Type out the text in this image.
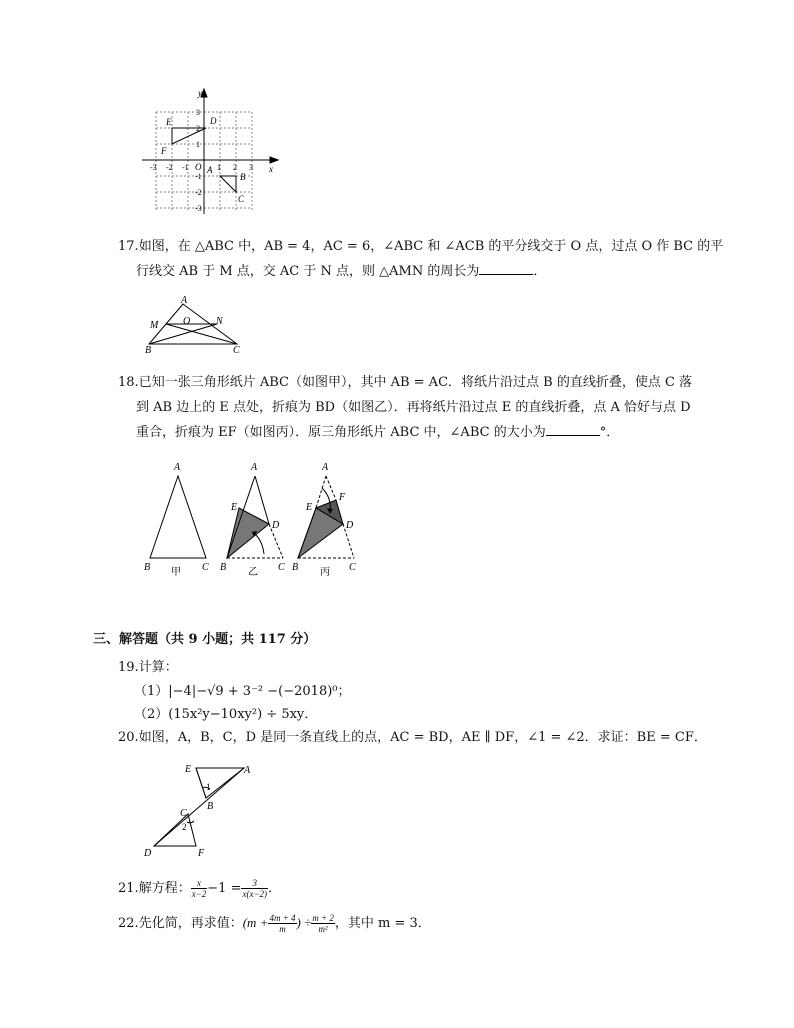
y
x
O
-3 -2 -1	1 2 3
3
2
1
-1
-2
-3
E	D
F
A
B
C
17.如图，在 △ABC 中，AB = 4，AC = 6，∠ABC 和 ∠ACB 的平分线交于 O 点，过点 O 作 BC 的平
行线交 AB 于 M 点，交 AC 于 N 点，则 △AMN 的周长为	．
A
M O	N
B	C
18.已知一张三角形纸片 ABC（如图甲），其中 AB = AC．将纸片沿过点 B 的直线折叠，使点 C 落
到 AB 边上的 E 点处，折痕为 BD（如图乙）．再将纸片沿过点 E 的直线折叠，点 A 恰好与点 D
重合，折痕为 EF（如图丙）．原三角形纸片 ABC 中，∠ABC 的大小为	°．
A
B	C
甲
A
E
D
B	C
乙
A
F
E
D
B	C
丙
三、解答题（共 9 小题；共 117 分）
19.计算：
（1）|−4|−√9 + 3⁻² −(−2018)⁰；
（2）(15x²y−10xy²) ÷ 5xy．
20.如图，A，B，C，D 是同一条直线上的点，AC = BD，AE ∥ DF，∠1 = ∠2．求证：BE = CF．
E	A
B
C
D	F
1
2
21.解方程： $\frac{x}{x-2} -1 = \frac{3}{x(x-2)}$ ．
22.先化简，再求值：($m + \frac{4m + 4}{m}$ ) ÷ $\frac{m + 2}{\text{m²}}$ ，其中 m = 3．
